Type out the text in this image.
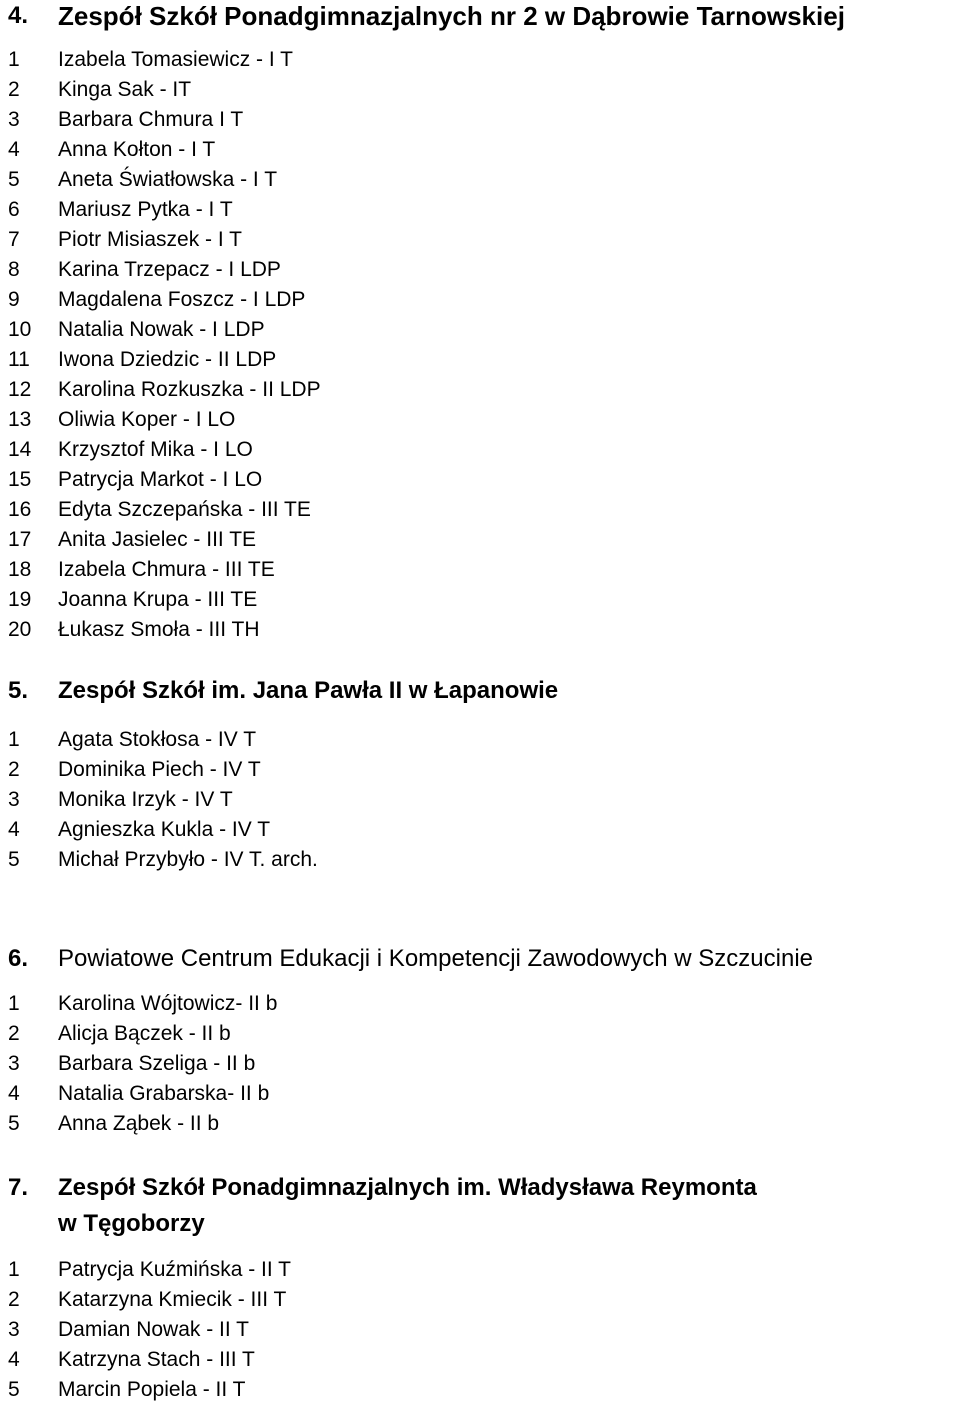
4. Zespół Szkół Ponadgimnazjalnych nr 2 w Dąbrowie Tarnowskiej
1 Izabela Tomasiewicz - I T
2 Kinga Sak - IT
3 Barbara Chmura I T
4 Anna Kołton - I T
5 Aneta Światłowska - I T
6 Mariusz Pytka - I T
7 Piotr Misiaszek - I T
8 Karina Trzepacz - I LDP
9 Magdalena Foszcz - I LDP
10 Natalia Nowak - I LDP
11 Iwona Dziedzic - II LDP
12 Karolina Rozkuszka - II LDP
13 Oliwia Koper - I LO
14 Krzysztof Mika - I LO
15 Patrycja Markot - I LO
16 Edyta Szczepańska - III TE
17 Anita Jasielec - III TE
18 Izabela Chmura - III TE
19 Joanna Krupa - III TE
20 Łukasz Smoła - III TH
5. Zespół Szkół im. Jana Pawła II w Łapanowie
1 Agata Stokłosa - IV T
2 Dominika Piech - IV T
3 Monika Irzyk - IV T
4 Agnieszka Kukla - IV T
5 Michał Przybyło - IV T. arch.
6. Powiatowe Centrum Edukacji i Kompetencji Zawodowych w Szczucinie
1 Karolina Wójtowicz- II b
2 Alicja Bączek - II b
3 Barbara Szeliga - II b
4 Natalia Grabarska- II b
5 Anna Ząbek - II b
7. Zespół Szkół Ponadgimnazjalnych im. Władysława Reymonta
w Tęgoborzy
1 Patrycja Kuźmińska - II T
2 Katarzyna Kmiecik - III T
3 Damian Nowak - II T
4 Katrzyna Stach - III T
5 Marcin Popiela - II T
